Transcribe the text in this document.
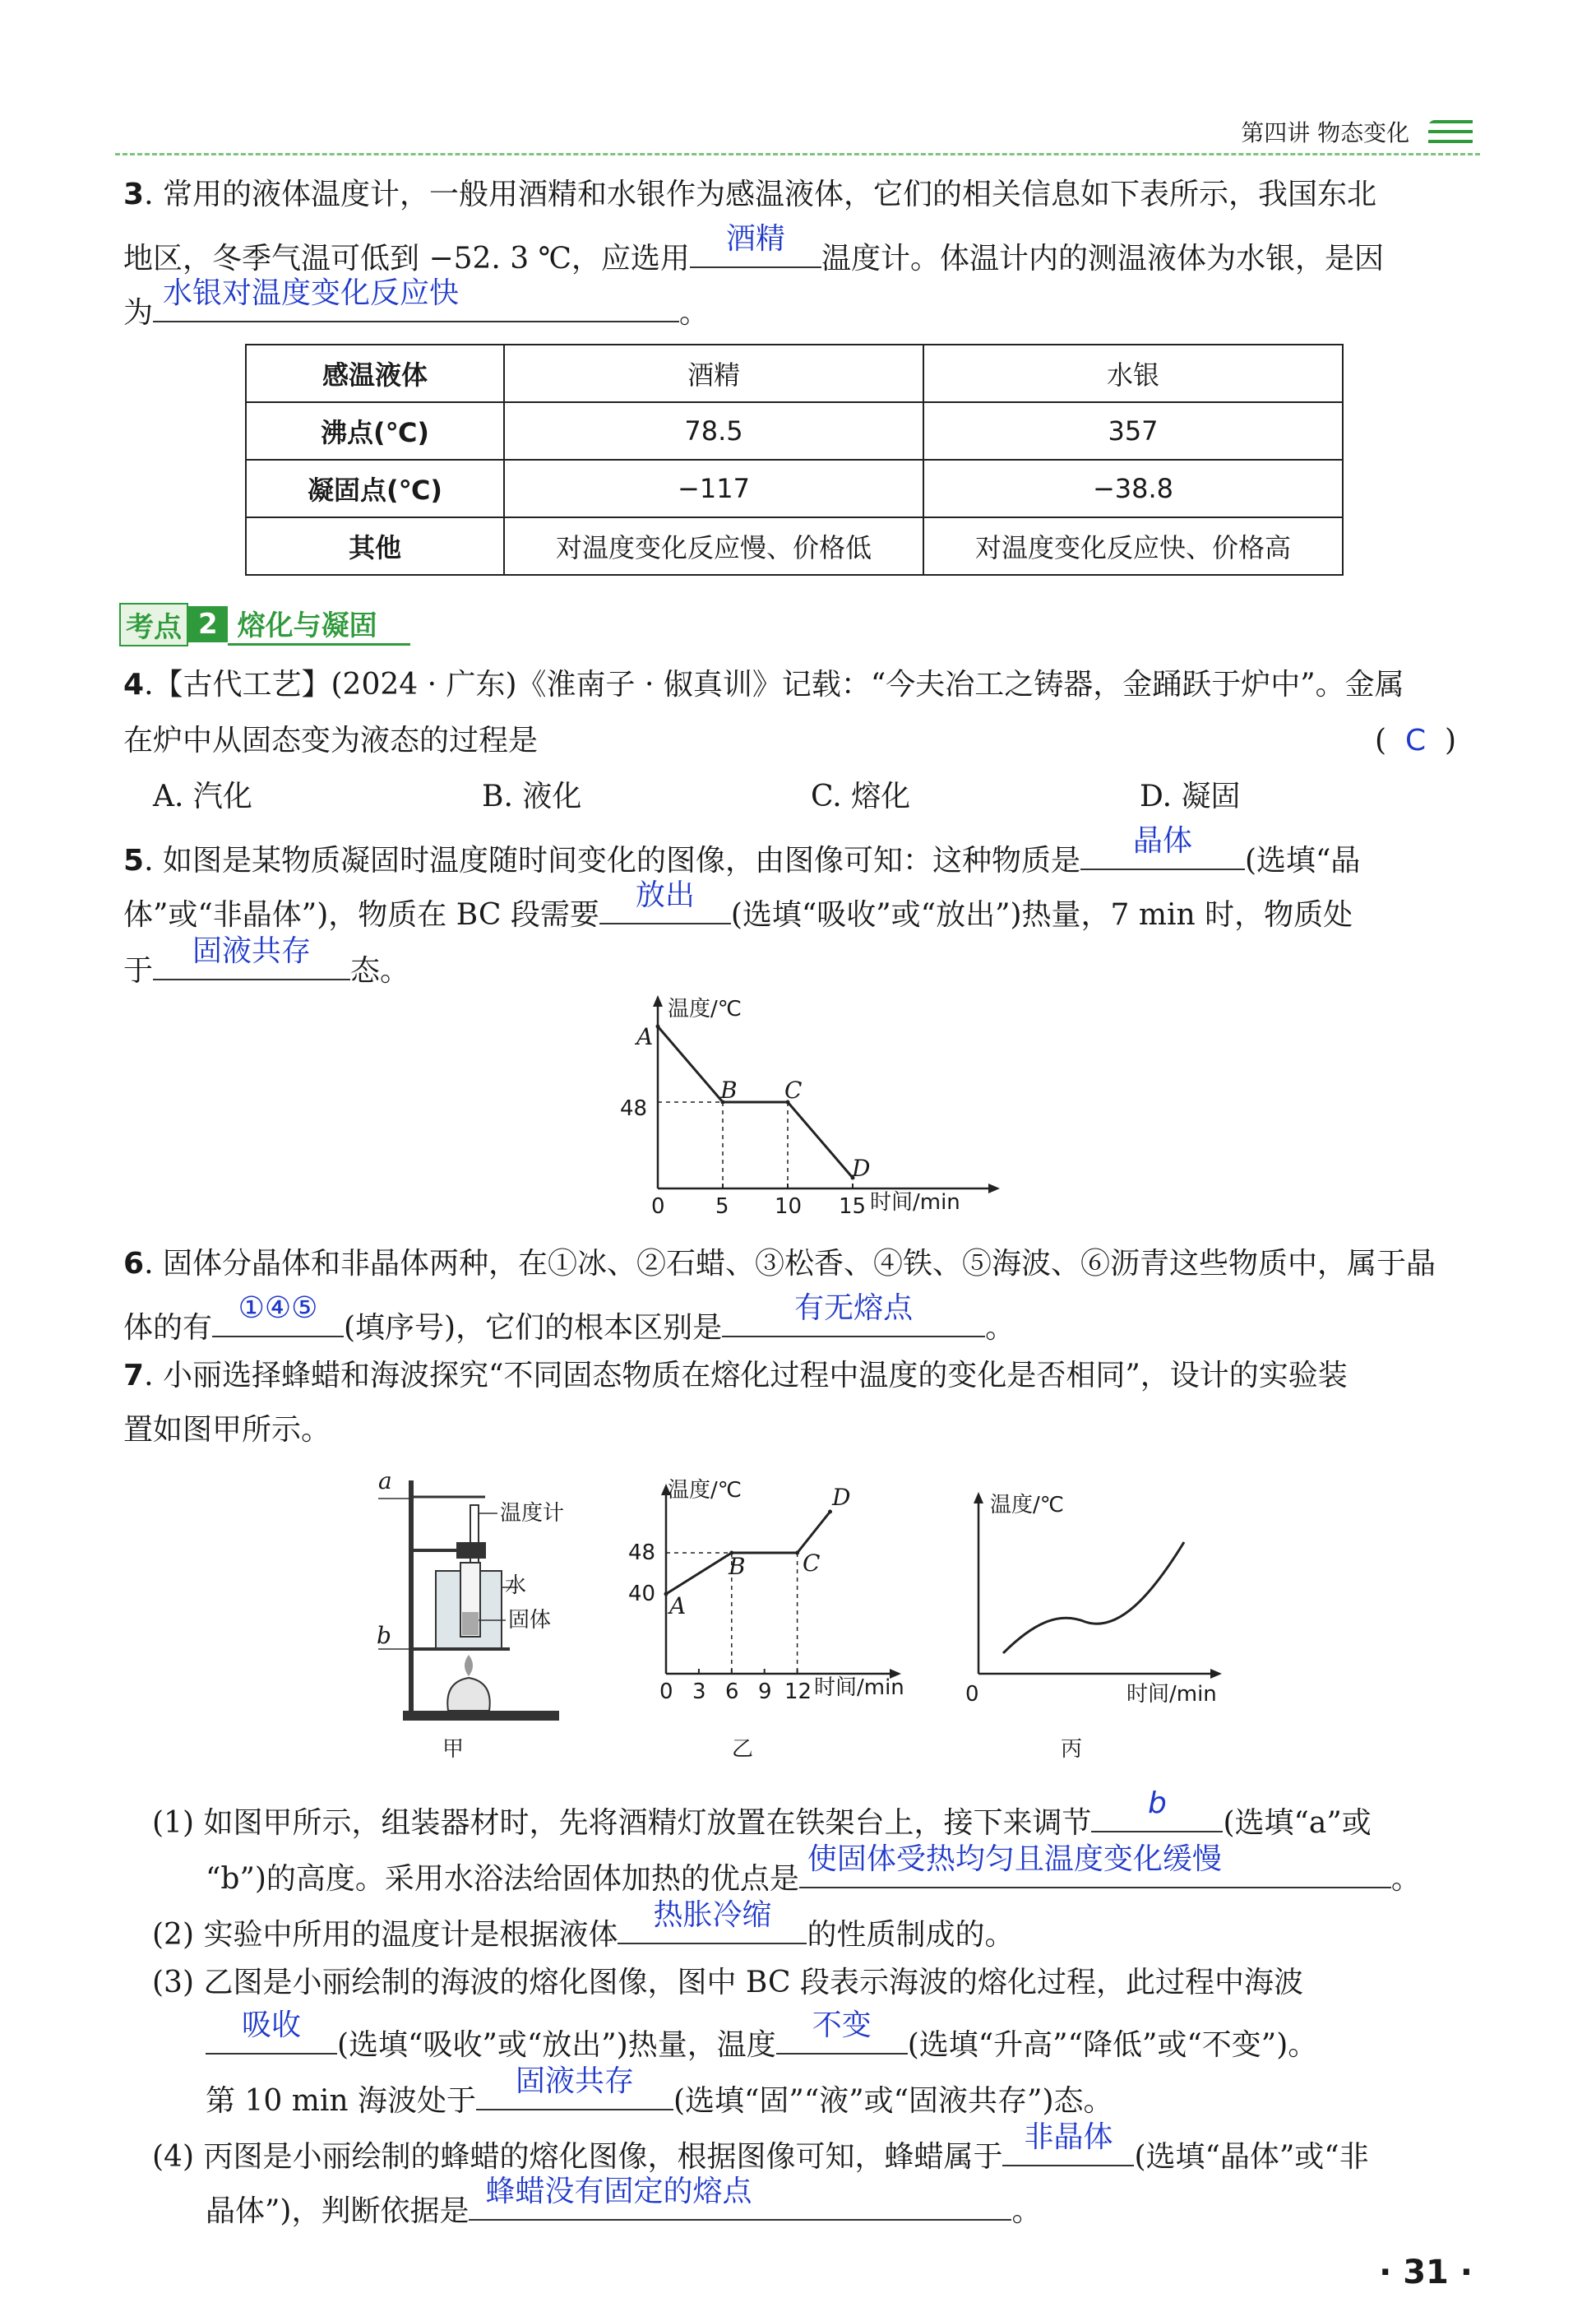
第四讲 物态变化
3. 常用的液体温度计，一般用酒精和水银作为感温液体，它们的相关信息如下表所示，我国东北
地区，冬季气温可低到 −52. 3 ℃，应选用
酒精
温度计。体温计内的测温液体为水银，是因
为
水银对温度变化反应快
。
感温液体	酒精	水银
沸点(℃)	78.5	357
凝固点(℃)	−117	−38.8
其他	对温度变化反应慢、价格低	对温度变化反应快、价格高
考点 2 熔化与凝固
4.【古代工艺】(2024 · 广东)《淮南子 · 俶真训》记载：“今夫冶工之铸器，金踊跃于炉中”。金属
在炉中从固态变为液态的过程是	(  C  )
A. 汽化	B. 液化	C. 熔化	D. 凝固
5. 如图是某物质凝固时温度随时间变化的图像，由图像可知：这种物质是
晶体
(选填“晶
体”或“非晶体”)，物质在 BC 段需要
放出
(选填“吸收”或“放出”)热量，7 min 时，物质处
于
固液共存
态。
温度/℃
时间/min
48
0 5 10 15
A
B C
D
6. 固体分晶体和非晶体两种，在①冰、②石蜡、③松香、④铁、⑤海波、⑥沥青这些物质中，属于晶
体的有
①④⑤
(填序号)，它们的根本区别是
有无熔点
。
7. 小丽选择蜂蜡和海波探究“不同固态物质在熔化过程中温度的变化是否相同”，设计的实验装
置如图甲所示。
a
温度计
水
固体
b
甲
温度/℃
时间/min
48
40
0 3 6 9 12
A
B C
D
乙
温度/℃
时间/min
0
丙
(1) 如图甲所示，组装器材时，先将酒精灯放置在铁架台上，接下来调节
b
(选填“a”或
“b”)的高度。采用水浴法给固体加热的优点是
使固体受热均匀且温度变化缓慢
。
(2) 实验中所用的温度计是根据液体
热胀冷缩
的性质制成的。
(3) 乙图是小丽绘制的海波的熔化图像，图中 BC 段表示海波的熔化过程，此过程中海波
吸收
(选填“吸收”或“放出”)热量，温度
不变
(选填“升高”“降低”或“不变”)。
第 10 min 海波处于
固液共存
(选填“固”“液”或“固液共存”)态。
(4) 丙图是小丽绘制的蜂蜡的熔化图像，根据图像可知，蜂蜡属于
非晶体
(选填“晶体”或“非
晶体”)，判断依据是
蜂蜡没有固定的熔点
。
· 31 ·
